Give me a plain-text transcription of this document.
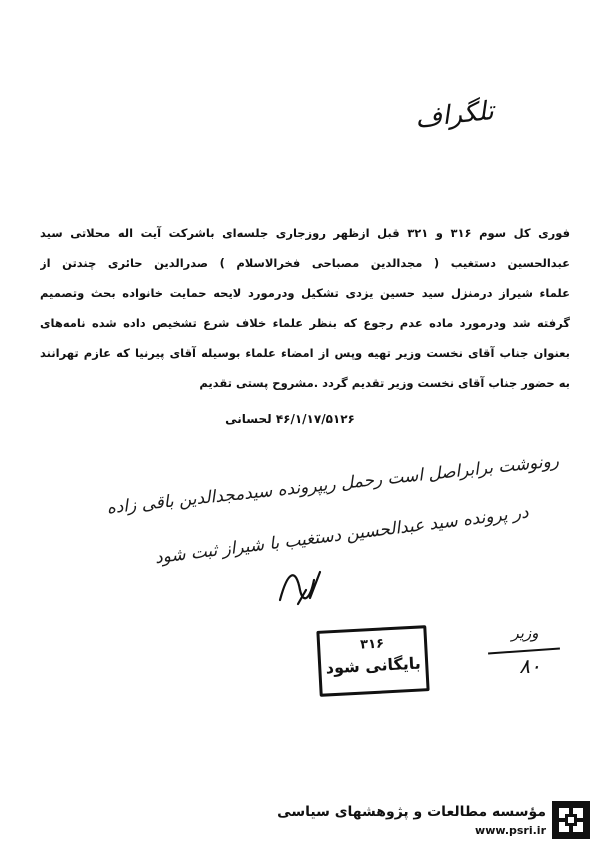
تلگراف
فوری کل سوم ۳۱۶ و ۳۲۱ قبل ازظهر روزجاری جلسه‌ای باشرکت آیت اله محلاتی سید
عبدالحسین دستغیب ( مجدالدین مصباحی فخرالاسلام ) صدرالدین حائری چندتن از
علماء شیراز درمنزل سید حسین یزدی تشکیل ودرمورد لایحه حمایت خانواده بحث وتصمیم
گرفته شد ودرمورد ماده عدم رجوع که بنظر علماء خلاف شرع تشخیص داده شده نامه‌های
بعنوان جناب آقای نخست وزیر تهیه وپس از امضاء علماء بوسیله آقای پیرنیا که عازم تهرانند
به حضور جناب آقای نخست وزیر تقدیم گردد .مشروح پستی تقدیم
۴۶/۱/۱۷/۵۱۲۶ لحسانی
رونوشت برابراصل است رحمل ریپرونده سیدمجدالدین باقی زاده
در پرونده سید عبدالحسین دستغیب با شیراز ثبت شود
۳۱۶
بایگانی شود
وزیر
۸۰
مؤسسه مطالعات و پژوهشهای سیاسی
www.psri.ir
